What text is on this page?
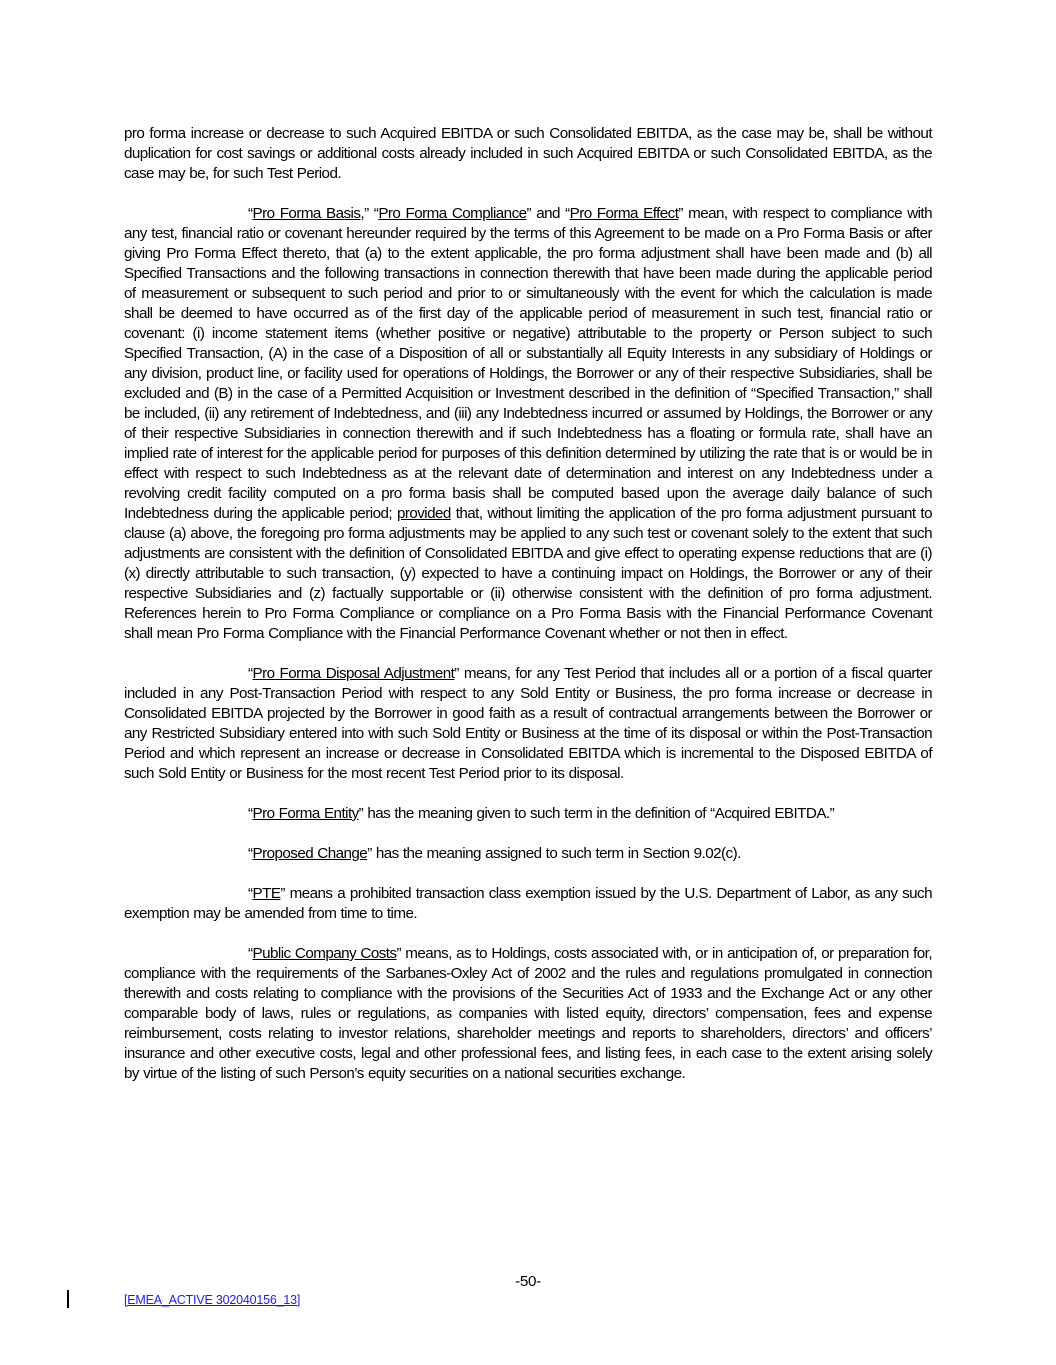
pro forma increase or decrease to such Acquired EBITDA or such Consolidated EBITDA, as the case may be, shall be without duplication for cost savings or additional costs already included in such Acquired EBITDA or such Consolidated EBITDA, as the case may be, for such Test Period.

“Pro Forma Basis,” “Pro Forma Compliance” and “Pro Forma Effect” mean, with respect to compliance with any test, financial ratio or covenant hereunder required by the terms of this Agreement to be made on a Pro Forma Basis or after giving Pro Forma Effect thereto, that (a) to the extent applicable, the pro forma adjustment shall have been made and (b) all Specified Transactions and the following transactions in connection therewith that have been made during the applicable period of measurement or subsequent to such period and prior to or simultaneously with the event for which the calculation is made shall be deemed to have occurred as of the first day of the applicable period of measurement in such test, financial ratio or covenant: (i) income statement items (whether positive or negative) attributable to the property or Person subject to such Specified Transaction, (A) in the case of a Disposition of all or substantially all Equity Interests in any subsidiary of Holdings or any division, product line, or facility used for operations of Holdings, the Borrower or any of their respective Subsidiaries, shall be excluded and (B) in the case of a Permitted Acquisition or Investment described in the definition of “Specified Transaction,” shall be included, (ii) any retirement of Indebtedness, and (iii) any Indebtedness incurred or assumed by Holdings, the Borrower or any of their respective Subsidiaries in connection therewith and if such Indebtedness has a floating or formula rate, shall have an implied rate of interest for the applicable period for purposes of this definition determined by utilizing the rate that is or would be in effect with respect to such Indebtedness as at the relevant date of determination and interest on any Indebtedness under a revolving credit facility computed on a pro forma basis shall be computed based upon the average daily balance of such Indebtedness during the applicable period; provided that, without limiting the application of the pro forma adjustment pursuant to clause (a) above, the foregoing pro forma adjustments may be applied to any such test or covenant solely to the extent that such adjustments are consistent with the definition of Consolidated EBITDA and give effect to operating expense reductions that are (i) (x) directly attributable to such transaction, (y) expected to have a continuing impact on Holdings, the Borrower or any of their respective Subsidiaries and (z) factually supportable or (ii) otherwise consistent with the definition of pro forma adjustment. References herein to Pro Forma Compliance or compliance on a Pro Forma Basis with the Financial Performance Covenant shall mean Pro Forma Compliance with the Financial Performance Covenant whether or not then in effect.

“Pro Forma Disposal Adjustment” means, for any Test Period that includes all or a portion of a fiscal quarter included in any Post-Transaction Period with respect to any Sold Entity or Business, the pro forma increase or decrease in Consolidated EBITDA projected by the Borrower in good faith as a result of contractual arrangements between the Borrower or any Restricted Subsidiary entered into with such Sold Entity or Business at the time of its disposal or within the Post-Transaction Period and which represent an increase or decrease in Consolidated EBITDA which is incremental to the Disposed EBITDA of such Sold Entity or Business for the most recent Test Period prior to its disposal.

“Pro Forma Entity” has the meaning given to such term in the definition of “Acquired EBITDA.”

“Proposed Change” has the meaning assigned to such term in Section 9.02(c).

“PTE” means a prohibited transaction class exemption issued by the U.S. Department of Labor, as any such exemption may be amended from time to time.

“Public Company Costs” means, as to Holdings, costs associated with, or in anticipation of, or preparation for, compliance with the requirements of the Sarbanes-Oxley Act of 2002 and the rules and regulations promulgated in connection therewith and costs relating to compliance with the provisions of the Securities Act of 1933 and the Exchange Act or any other comparable body of laws, rules or regulations, as companies with listed equity, directors’ compensation, fees and expense reimbursement, costs relating to investor relations, shareholder meetings and reports to shareholders, directors’ and officers’ insurance and other executive costs, legal and other professional fees, and listing fees, in each case to the extent arising solely by virtue of the listing of such Person’s equity securities on a national securities exchange.

-50-
[EMEA_ACTIVE 302040156_13]
